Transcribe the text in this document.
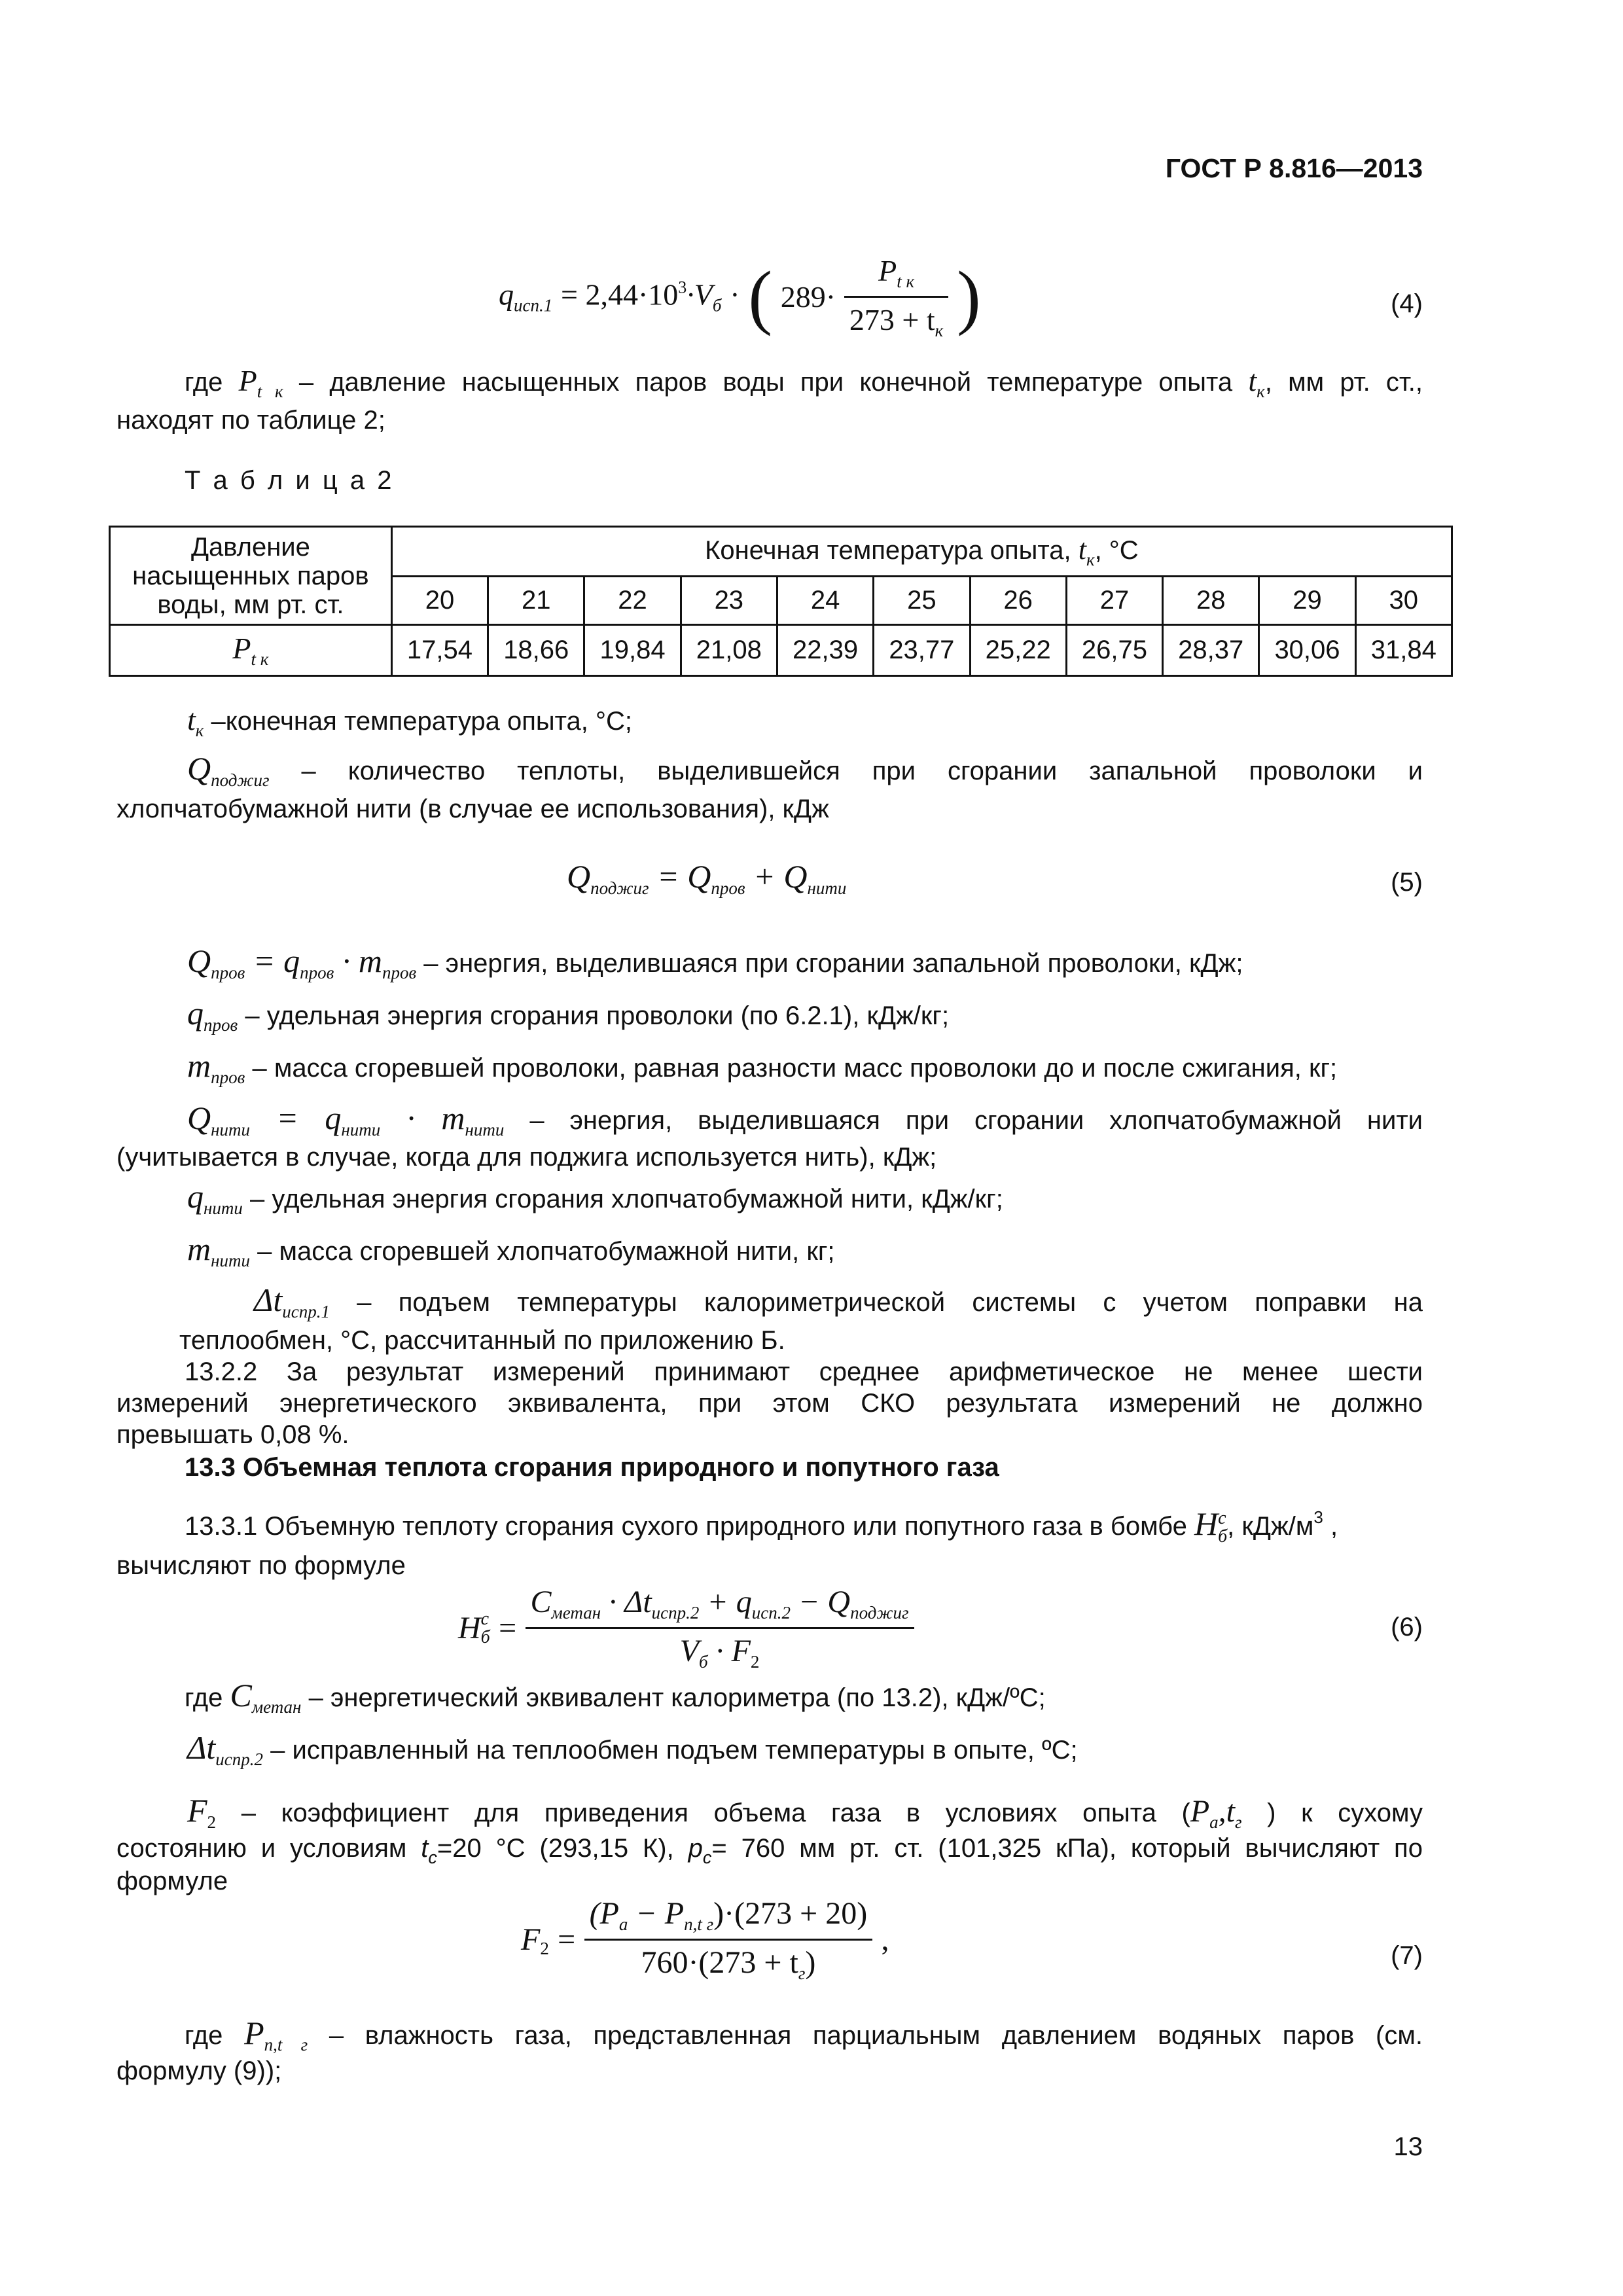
ГОСТ Р 8.816—2013
$q_{исп.1} = 2,44\cdot 10^3\cdot V_б$ · ( $289\cdot \frac{P_{t к}}{273 + t_к}$ )	(4)
где $P_{t к}$ – давление насыщенных паров воды при конечной температуре опыта $t_к$, мм рт. ст.,
находят по таблице 2;
Т а б л и ц а 2
Давление насыщенных паров воды, мм рт. ст.	Конечная температура опыта, $t_к$, °С										
	20	21	22	23	24	25	26	27	28	29	30
$P_{t к}$	17,54	18,66	19,84	21,08	22,39	23,77	25,22	26,75	28,37	30,06	31,84
$t_к$ –конечная температура опыта, °С;
$Q_{поджиг}$ – количество теплоты, выделившейся при сгорании запальной проволоки и
хлопчатобумажной нити (в случае ее использования), кДж
$Q_{поджиг} = Q_{пров} + Q_{нити}$	(5)
$Q_{пров} = q_{пров} \cdot m_{пров}$ – энергия, выделившаяся при сгорании запальной проволоки, кДж;
$q_{пров}$ – удельная энергия сгорания проволоки (по 6.2.1), кДж/кг;
$m_{пров}$ – масса сгоревшей проволоки, равная разности масс проволоки до и после сжигания, кг;
$Q_{нити} = q_{нити} \cdot m_{нити}$ – энергия, выделившаяся при сгорании хлопчатобумажной нити
(учитывается в случае, когда для поджига используется нить), кДж;
$q_{нити}$ – удельная энергия сгорания хлопчатобумажной нити, кДж/кг;
$m_{нити}$ – масса сгоревшей хлопчатобумажной нити, кг;
$\Delta t_{испр.1}$ – подъем температуры калориметрической системы с учетом поправки на
теплообмен, °С, рассчитанный по приложению Б.
13.2.2 За результат измерений принимают среднее арифметическое не менее шести
измерений энергетического эквивалента, при этом СКО результата измерений не должно
превышать 0,08 %.
13.3 Объемная теплота сгорания природного и попутного газа
13.3.1 Объемную теплоту сгорания сухого природного или попутного газа в бомбе H с
б , кДж/$м^3$ ,
вычисляют по формуле
H с
$б = \frac{C_{метан} \cdot \Delta t_{испр.2} + q_{исп.2} - Q_{поджиг}}{V_б \cdot F_2}$	(6)
где $C_{метан}$ – энергетический эквивалент калориметра (по 13.2), кДж/ºС;
$\Delta t_{испр.2}$ – исправленный на теплообмен подъем температуры в опыте, ºС;
$F_2$ – коэффициент для приведения объема газа в условиях опыта ($P_а,t_г$ ) к сухому
состоянию и условиям $t_с=20$ °С (293,15 К), $p_с= 760$ мм рт. ст. (101,325 кПа), который вычисляют по
формуле
$F_2 = \frac{(P_а - P_{п,t г})\cdot(273 + 20)}{760\cdot(273 + t_г)}$ ,	(7)
где $P_{п,t г}$ – влажность газа, представленная парциальным давлением водяных паров (см.
формулу (9));
13
